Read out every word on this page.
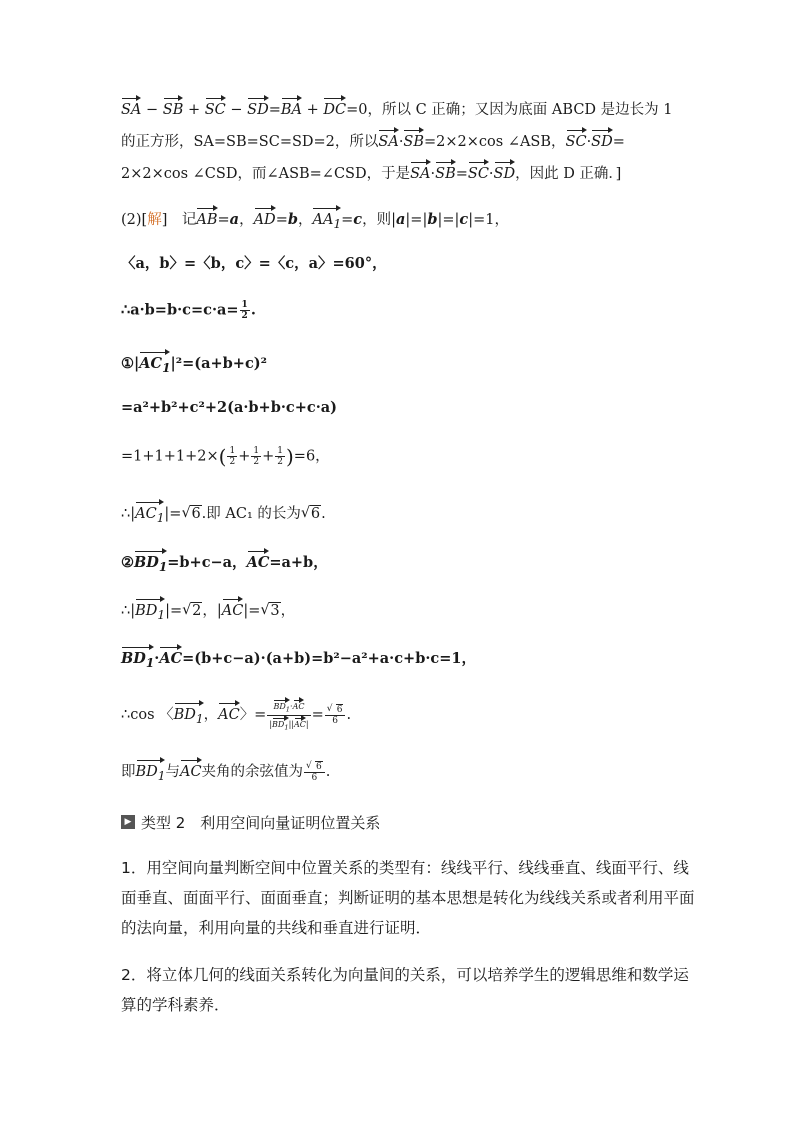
SA − SB + SC − SD=BA + DC=0，所以 C 正确；又因为底面 ABCD 是边长为 1
的正方形，SA=SB=SC=SD=2，所以SA·SB=2×2×cos ∠ASB，SC·SD=
2×2×cos ∠CSD，而∠ASB=∠CSD，于是SA·SB=SC·SD，因此 D 正确．]
(2)[解]　记AB=a，AD=b，$AA_1=c$，则|a|=|b|=|c|=1，
〈a，b〉=〈b，c〉=〈c，a〉=60°，
∴a·b=b·c=c·a= $\frac{1}{2}$ .
$①|AC_1|^2=(a+b+c)^2$
=a²+b²+c²+2(a·b+b·c+c·a)
$=1+1+1+2\times( \frac{1}{2} + \frac{1}{2} + \frac{1}{2} )=6$，
$\therefore|AC_1|=√$ 6.即 AC₁ 的长为√ 6.
$②BD_1=b+c-a$，AC=a+b，
$\therefore|BD_1|=√$ 2，|AC|=√ 3，
$BD_1\cdot AC=(b+c-a)\cdot(a+b)=b^2-a^2+a\cdot c+b\cdot c=1$，
∴cos 〈$BD_1$，AC〉= $\frac{BD_1\cdot AC}{|BD_1||AC|}$ =
√ $\frac{6}{6}$ .
即$BD_1$与AC夹角的余弦值为
√ $\frac{6}{6}$ .
▶ 类型 2　利用空间向量证明位置关系
1．用空间向量判断空间中位置关系的类型有：线线平行、线线垂直、线面平行、线面垂直、面面平行、面面垂直；判断证明的基本思想是转化为线线关系或者利用平面的法向量，利用向量的共线和垂直进行证明．
2．将立体几何的线面关系转化为向量间的关系，可以培养学生的逻辑思维和数学运算的学科素养．
